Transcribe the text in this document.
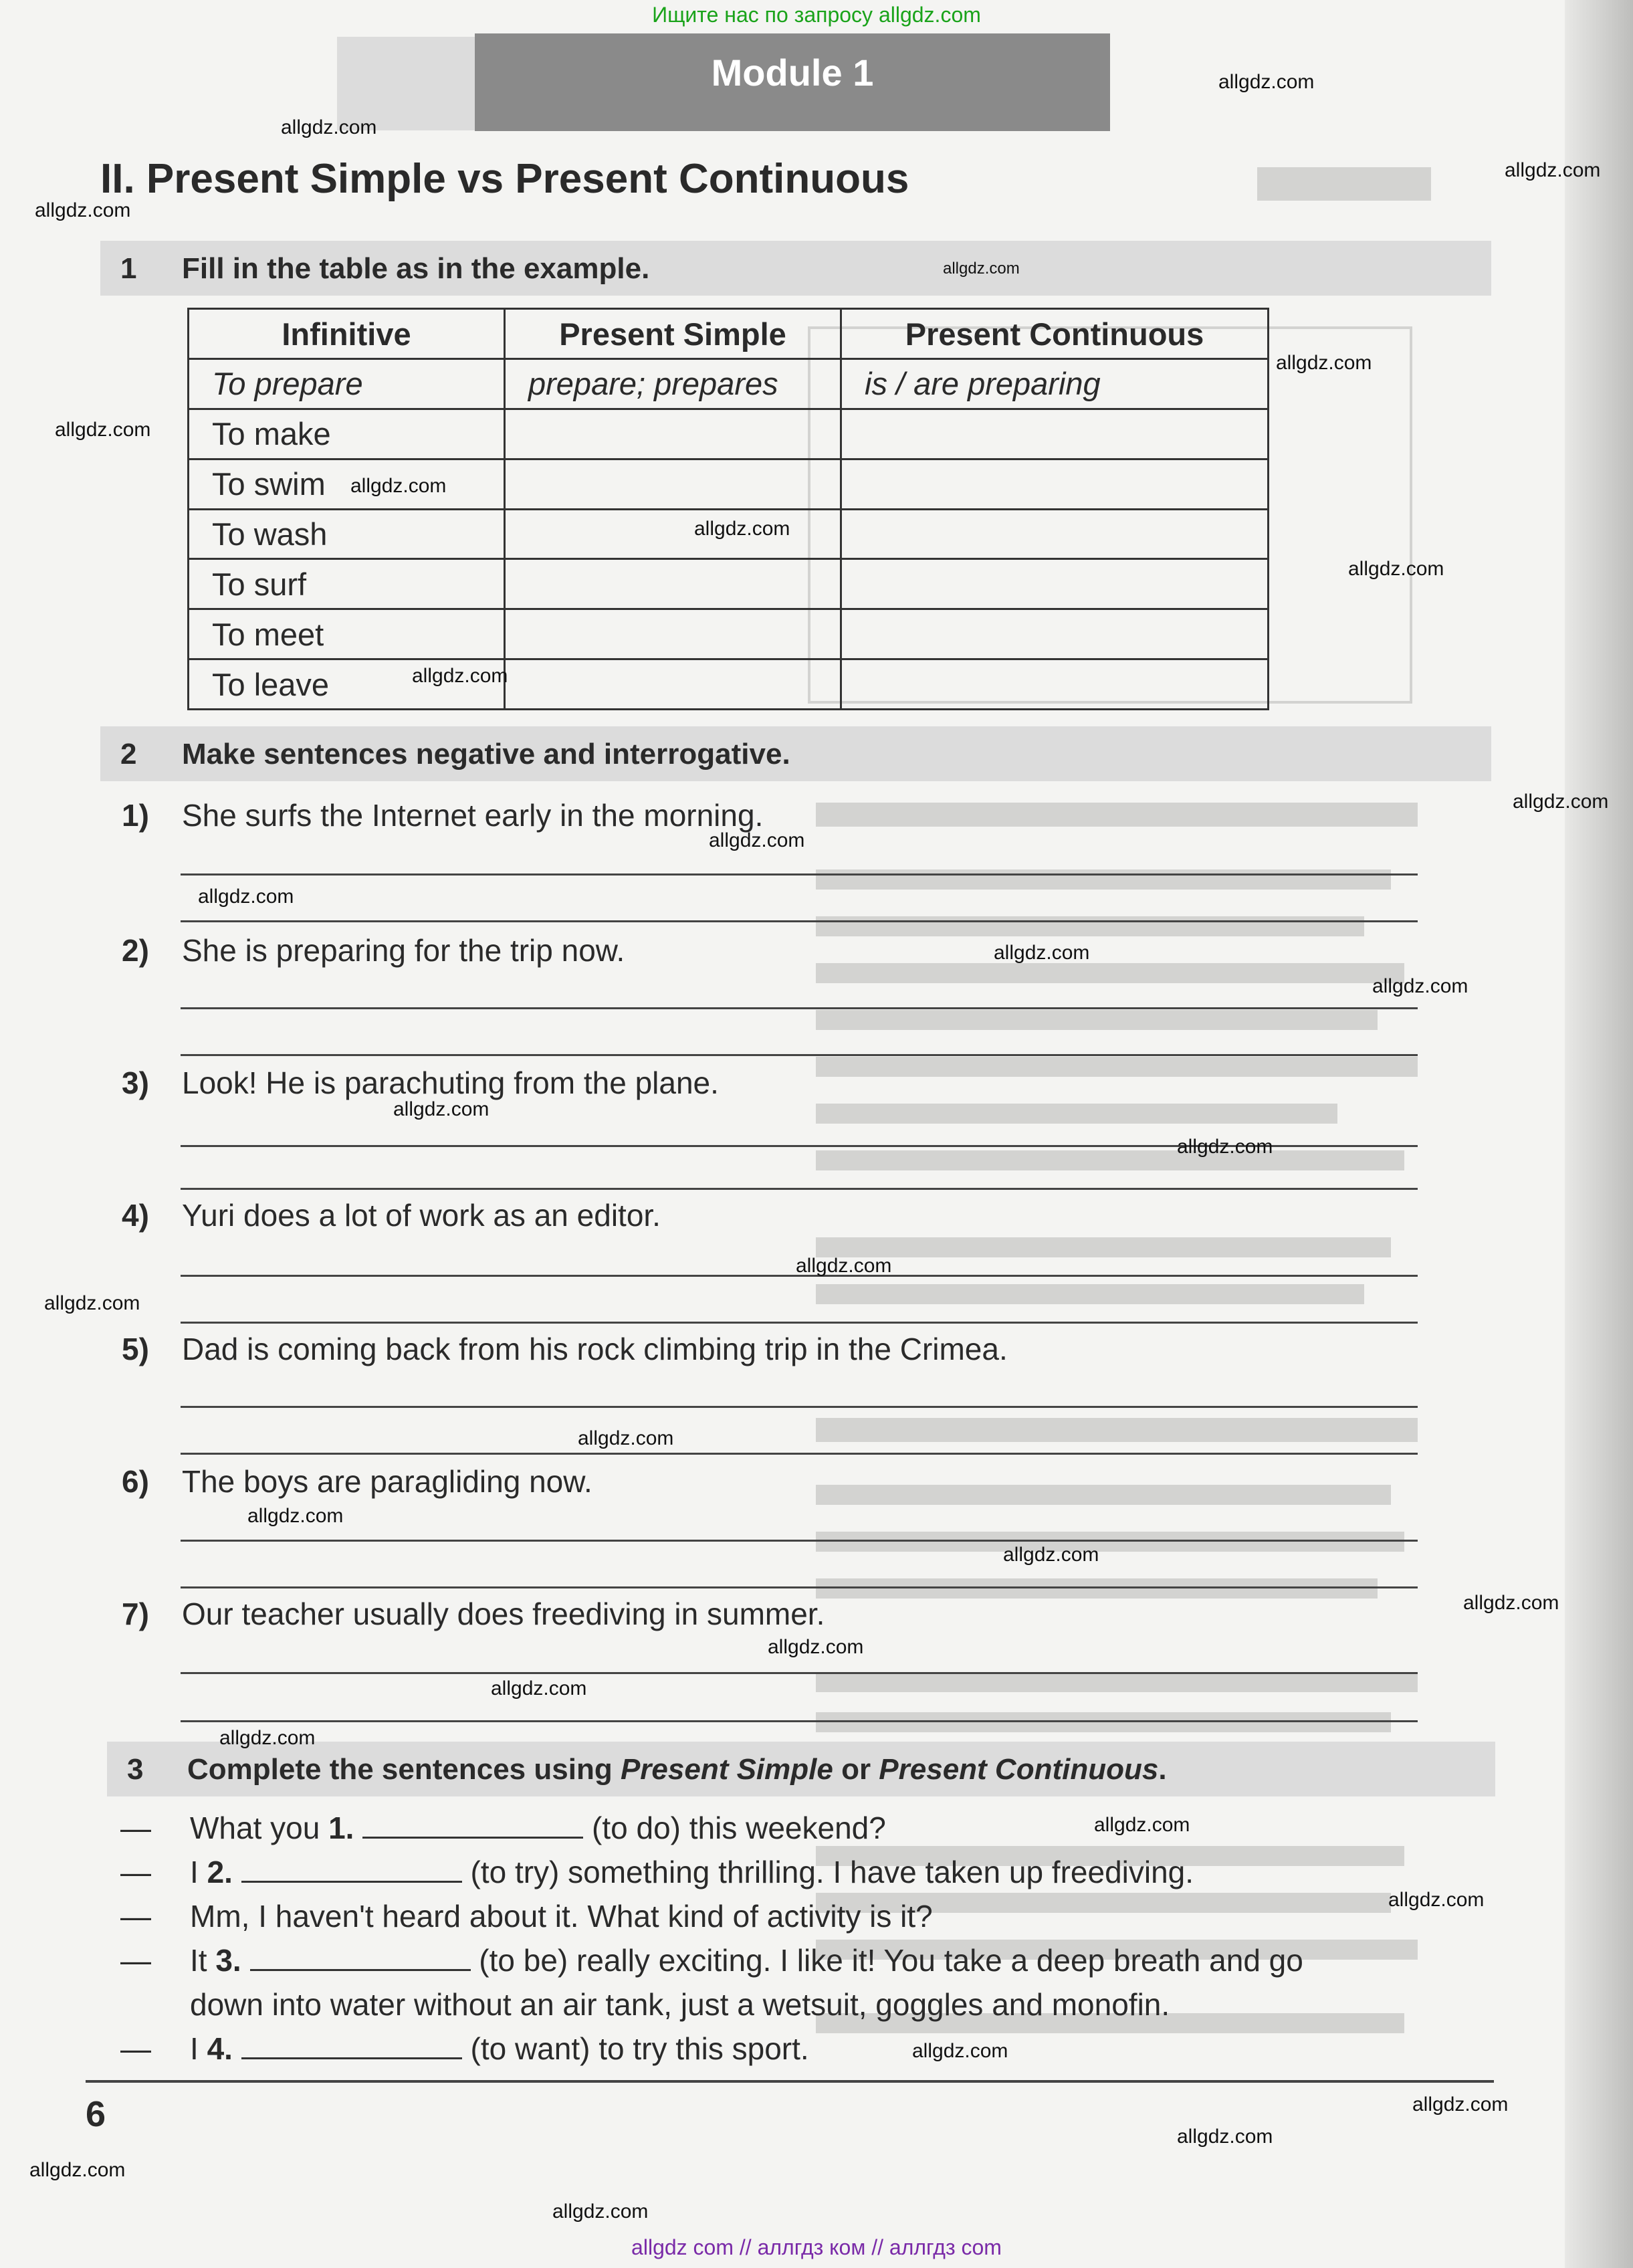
Ищите нас по запросу allgdz.com
Module 1
II. Present Simple vs Present Continuous
1 Fill in the table as in the example.
Infinitive	Present Simple	Present Continuous
To prepare	prepare; prepares	is / are preparing
To make		
To swim		
To wash		
To surf		
To meet		
To leave		
2 Make sentences negative and interrogative.
1) She surfs the Internet early in the morning.
2) She is preparing for the trip now.
3) Look! He is parachuting from the plane.
4) Yuri does a lot of work as an editor.
5) Dad is coming back from his rock climbing trip in the Crimea.
6) The boys are paragliding now.
7) Our teacher usually does freediving in summer.
3 Complete the sentences using Present Simple or Present Continuous.
— What you 1.	(to do) this weekend?
— I 2.	(to try) something thrilling. I have taken up freediving.
— Mm, I haven't heard about it. What kind of activity is it?
— It 3.	(to be) really exciting. I like it! You take a deep breath and go
down into water without an air tank, just a wetsuit, goggles and monofin.
— I 4.	(to want) to try this sport.
6
allgdz.com
allgdz.com
allgdz.com
allgdz.com
allgdz.com
allgdz.com
allgdz.com
allgdz.com
allgdz.com
allgdz.com
allgdz.com
allgdz.com
allgdz.com
allgdz.com
allgdz.com
allgdz.com
allgdz.com
allgdz.com
allgdz.com
allgdz.com
allgdz.com
allgdz.com
allgdz.com
allgdz.com
allgdz.com
allgdz.com
allgdz.com
allgdz.com
allgdz.com
allgdz.com
allgdz.com
allgdz.com
allgdz.com
allgdz.com
allgdz com // аллгдз ком // аллгдз com
